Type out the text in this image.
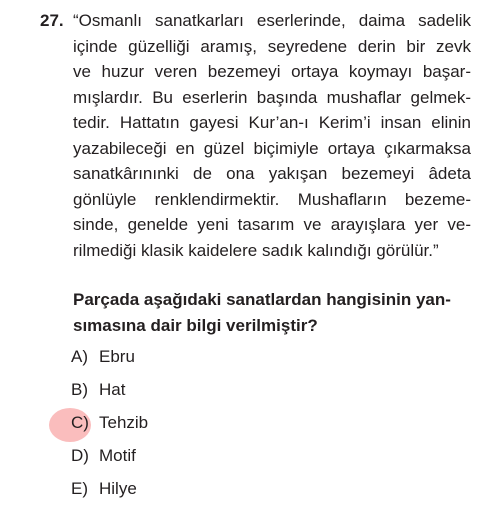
27. “Osmanlı sanatkarları eserlerinde, daima sadelik
içinde güzelliği aramış, seyredene derin bir zevk
ve huzur veren bezemeyi ortaya koymayı başar-
mışlardır. Bu eserlerin başında mushaflar gelmek-
tedir. Hattatın gayesi Kur’an-ı Kerim’i insan elinin
yazabileceği en güzel biçimiyle ortaya çıkarmaksa
sanatkârınınki de ona yakışan bezemeyi âdeta
gönlüyle renklendirmektir. Mushafların bezeme-
sinde, genelde yeni tasarım ve arayışlara yer ve-
rilmediği klasik kaidelere sadık kalındığı görülür.”
Parçada aşağıdaki sanatlardan hangisinin yan-
sımasına dair bilgi verilmiştir?
A) Ebru
B) Hat
C) Tehzib
D) Motif
E) Hilye
